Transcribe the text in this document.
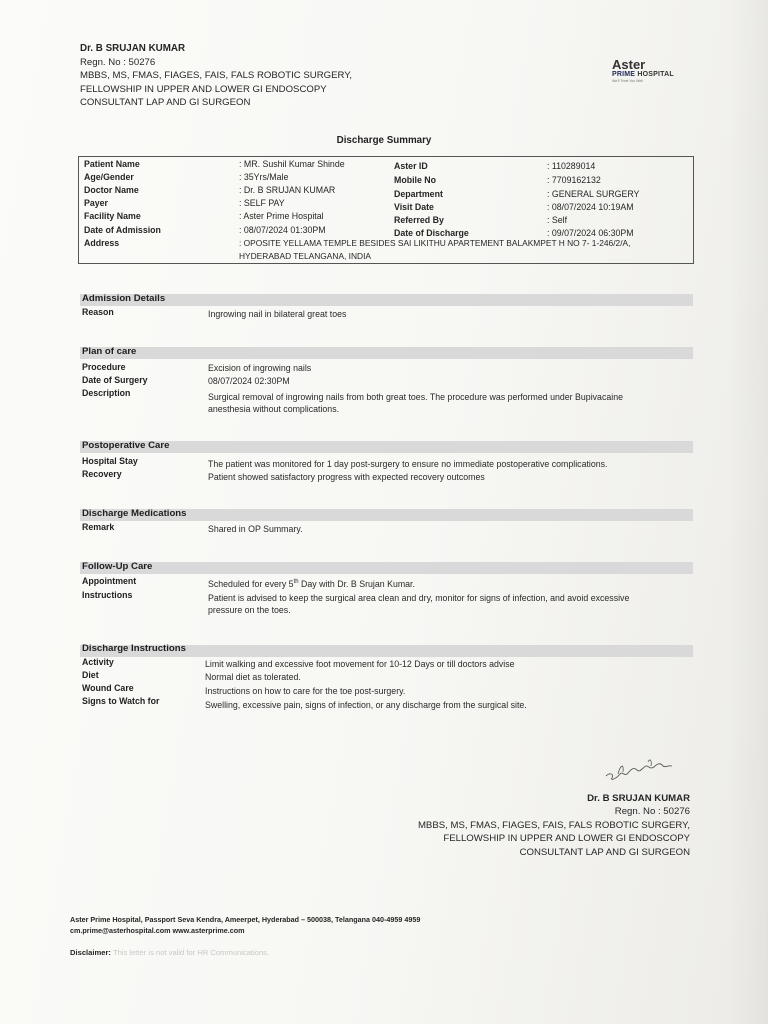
Dr. B SRUJAN KUMAR
Regn. No : 50276
MBBS, MS, FMAS, FIAGES, FAIS, FALS ROBOTIC SURGERY,
FELLOWSHIP IN UPPER AND LOWER GI ENDOSCOPY
CONSULTANT LAP AND GI SURGEON
Aster
PRIME HOSPITAL
We'll Treat You Well
Discharge Summary
Patient Name	: MR. Sushil Kumar Shinde
Age/Gender	: 35Yrs/Male
Doctor Name	: Dr. B SRUJAN KUMAR
Payer	: SELF PAY
Facility Name	: Aster Prime Hospital
Date of Admission	: 08/07/2024 01:30PM
Address	: OPOSITE YELLAMA TEMPLE BESIDES SAI LIKITHU APARTEMENT BALAKMPET H NO 7- 1-246/2/A,
HYDERABAD TELANGANA, INDIA
Aster ID	: 110289014
Mobile No	: 7709162132
Department	: GENERAL SURGERY
Visit Date	: 08/07/2024 10:19AM
Referred By	: Self
Date of Discharge	: 09/07/2024 06:30PM
Admission Details
Reason	Ingrowing nail in bilateral great toes
Plan of care
Procedure	Excision of ingrowing nails
Date of Surgery	08/07/2024 02:30PM
Description	Surgical removal of ingrowing nails from both great toes. The procedure was performed under Bupivacaine
anesthesia without complications.
Postoperative Care
Hospital Stay	The patient was monitored for 1 day post-surgery to ensure no immediate postoperative complications.
Recovery	Patient showed satisfactory progress with expected recovery outcomes
Discharge Medications
Remark	Shared in OP Summary.
Follow-Up Care
Appointment	Scheduled for every 5th Day with Dr. B Srujan Kumar.
Instructions	Patient is advised to keep the surgical area clean and dry, monitor for signs of infection, and avoid excessive
pressure on the toes.
Discharge Instructions
Activity	Limit walking and excessive foot movement for 10-12 Days or till doctors advise
Diet	Normal diet as tolerated.
Wound Care	Instructions on how to care for the toe post-surgery.
Signs to Watch for	Swelling, excessive pain, signs of infection, or any discharge from the surgical site.
Dr. B SRUJAN KUMAR
Regn. No : 50276
MBBS, MS, FMAS, FIAGES, FAIS, FALS ROBOTIC SURGERY,
FELLOWSHIP IN UPPER AND LOWER GI ENDOSCOPY
CONSULTANT LAP AND GI SURGEON
Aster Prime Hospital, Passport Seva Kendra, Ameerpet, Hyderabad – 500038, Telangana 040-4959 4959
cm.prime@asterhospital.com www.asterprime.com
Disclaimer: This letter is not valid for HR Communications.
